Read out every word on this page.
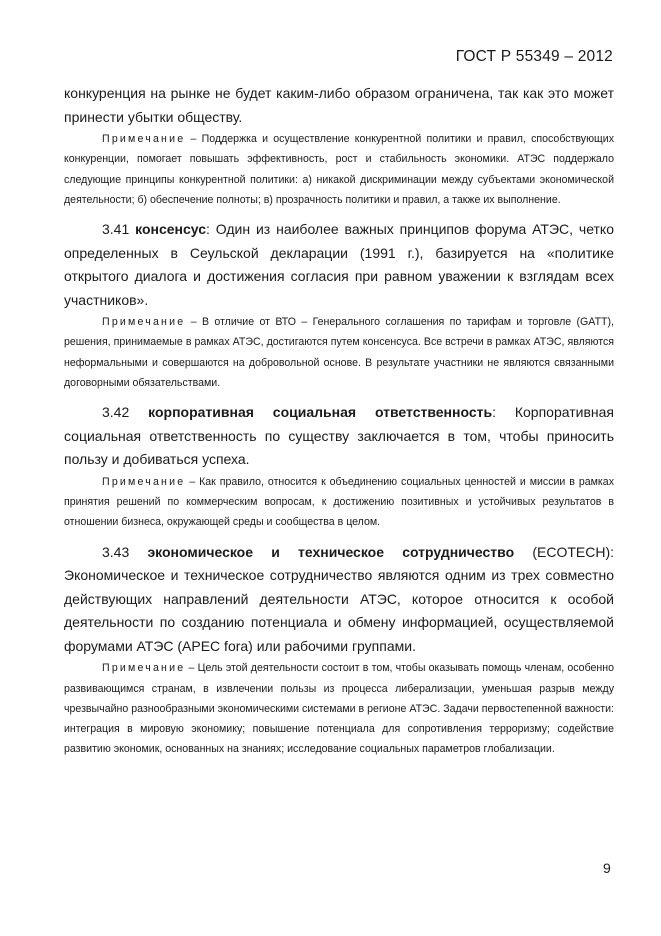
ГОСТ Р 55349 – 2012

конкуренция на рынке не будет каким-либо образом ограничена, так как это может принести убытки обществу.

Примечание – Поддержка и осуществление конкурентной политики и правил, способствующих конкуренции, помогает повышать эффективность, рост и стабильность экономики. АТЭС поддержало следующие принципы конкурентной политики: а) никакой дискриминации между субъектами экономической деятельности; б) обеспечение полноты; в) прозрачность политики и правил, а также их выполнение.

3.41 консенсус: Один из наиболее важных принципов форума АТЭС, четко определенных в Сеульской декларации (1991 г.), базируется на «политике открытого диалога и достижения согласия при равном уважении к взглядам всех участников».

Примечание – В отличие от ВТО – Генерального соглашения по тарифам и торговле (GATT), решения, принимаемые в рамках АТЭС, достигаются путем консенсуса. Все встречи в рамках АТЭС, являются неформальными и совершаются на добровольной основе. В результате участники не являются связанными договорными обязательствами.

3.42 корпоративная социальная ответственность: Корпоративная социальная ответственность по существу заключается в том, чтобы приносить пользу и добиваться успеха.

Примечание – Как правило, относится к объединению социальных ценностей и миссии в рамках принятия решений по коммерческим вопросам, к достижению позитивных и устойчивых результатов в отношении бизнеса, окружающей среды и сообщества в целом.

3.43 экономическое и техническое сотрудничество (ECOTECH): Экономическое и техническое сотрудничество являются одним из трех совместно действующих направлений деятельности АТЭС, которое относится к особой деятельности по созданию потенциала и обмену информацией, осуществляемой форумами АТЭС (APEC fora) или рабочими группами.

Примечание – Цель этой деятельности состоит в том, чтобы оказывать помощь членам, особенно развивающимся странам, в извлечении пользы из процесса либерализации, уменьшая разрыв между чрезвычайно разнообразными экономическими системами в регионе АТЭС. Задачи первостепенной важности: интеграция в мировую экономику; повышение потенциала для сопротивления терроризму; содействие развитию экономик, основанных на знаниях; исследование социальных параметров глобализации.

9
